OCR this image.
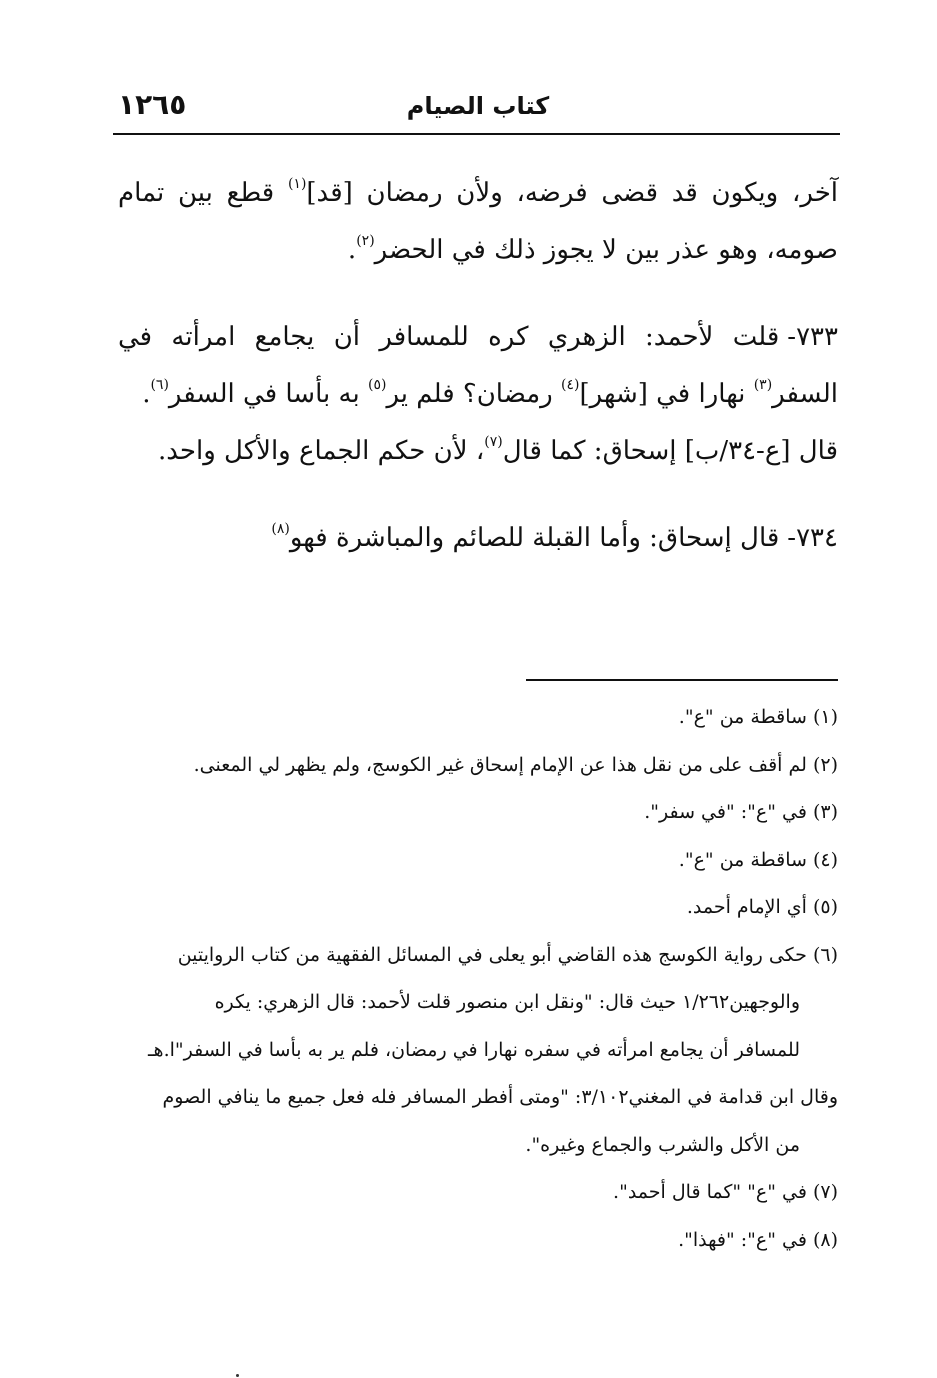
كتاب الصيام
١٢٦٥

آخر، ويكون قد قضى فرضه، ولأن رمضان [قد]$^{(١)}$ قطع بين تمام صومه، وهو عذر بين لا يجوز ذلك في الحضر$^{(٢)}$.

٧٣٣-قلت لأحمد: الزهري كره للمسافر أن يجامع امرأته في السفر$^{(٣)}$ نهارا في [شهر]$^{(٤)}$ رمضان؟ فلم ير$^{(٥)}$ به بأسا في السفر$^{(٦)}$.

قال [ع-٣٤/ب] إسحاق: كما قال$^{(٧)}$، لأن حكم الجماع والأكل واحد.

٧٣٤-قال إسحاق: وأما القبلة للصائم والمباشرة فهو$^{(٨)}$

(١)ساقطة من "ع".

(٢)لم أقف على من نقل هذا عن الإمام إسحاق غير الكوسج، ولم يظهر لي المعنى.

(٣)في "ع": "في سفر".

(٤)ساقطة من "ع".

(٥)أي الإمام أحمد.

(٦)حكى رواية الكوسج هذه القاضي أبو يعلى في المسائل الفقهية من كتاب الروايتين

والوجهين١/٢٦٢ حيث قال: "ونقل ابن منصور قلت لأحمد: قال الزهري: يكره

للمسافر أن يجامع امرأته في سفره نهارا في رمضان، فلم ير به بأسا في السفر"ا.هـ

وقال ابن قدامة في المغني٣/١٠٢: "ومتى أفطر المسافر فله فعل جميع ما ينافي الصوم

من الأكل والشرب والجماع وغيره".

(٧)في "ع" "كما قال أحمد".

(٨)في "ع": "فهذا".
